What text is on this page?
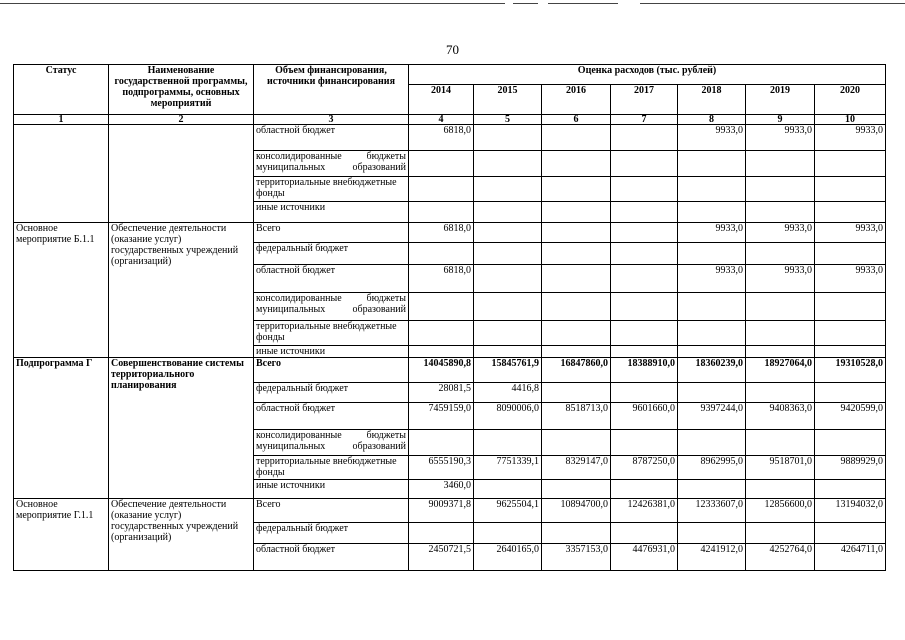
70
Статус	Наименование государственной программы, подпрограммы, основных мероприятий	Объем финансирования, источники финансирования	Оценка расходов (тыс. рублей)						
			2014	2015	2016	2017	2018	2019	2020
1	2	3	4	5	6	7	8	9	10
		областной бюджет	6818,0				9933,0	9933,0	9933,0
		консолидированные бюджеты муниципальных образований							
		территориальные внебюджетные фонды							
		иные источники							
Основное мероприятие Б.1.1	Обеспечение деятельности (оказание услуг) государственных учреждений (организаций)	Всего	6818,0				9933,0	9933,0	9933,0
		федеральный бюджет							
		областной бюджет	6818,0				9933,0	9933,0	9933,0
		консолидированные бюджеты муниципальных образований							
		территориальные внебюджетные фонды							
		иные источники							
Подпрограмма Г	Совершенствование системы территориального планирования	Всего	14045890,8	15845761,9	16847860,0	18388910,0	18360239,0	18927064,0	19310528,0
		федеральный бюджет	28081,5	4416,8					
		областной бюджет	7459159,0	8090006,0	8518713,0	9601660,0	9397244,0	9408363,0	9420599,0
		консолидированные бюджеты муниципальных образований							
		территориальные внебюджетные фонды	6555190,3	7751339,1	8329147,0	8787250,0	8962995,0	9518701,0	9889929,0
		иные источники	3460,0						
Основное мероприятие Г.1.1	Обеспечение деятельности (оказание услуг) государственных учреждений (организаций)	Всего	9009371,8	9625504,1	10894700,0	12426381,0	12333607,0	12856600,0	13194032,0
		федеральный бюджет							
		областной бюджет	2450721,5	2640165,0	3357153,0	4476931,0	4241912,0	4252764,0	4264711,0
